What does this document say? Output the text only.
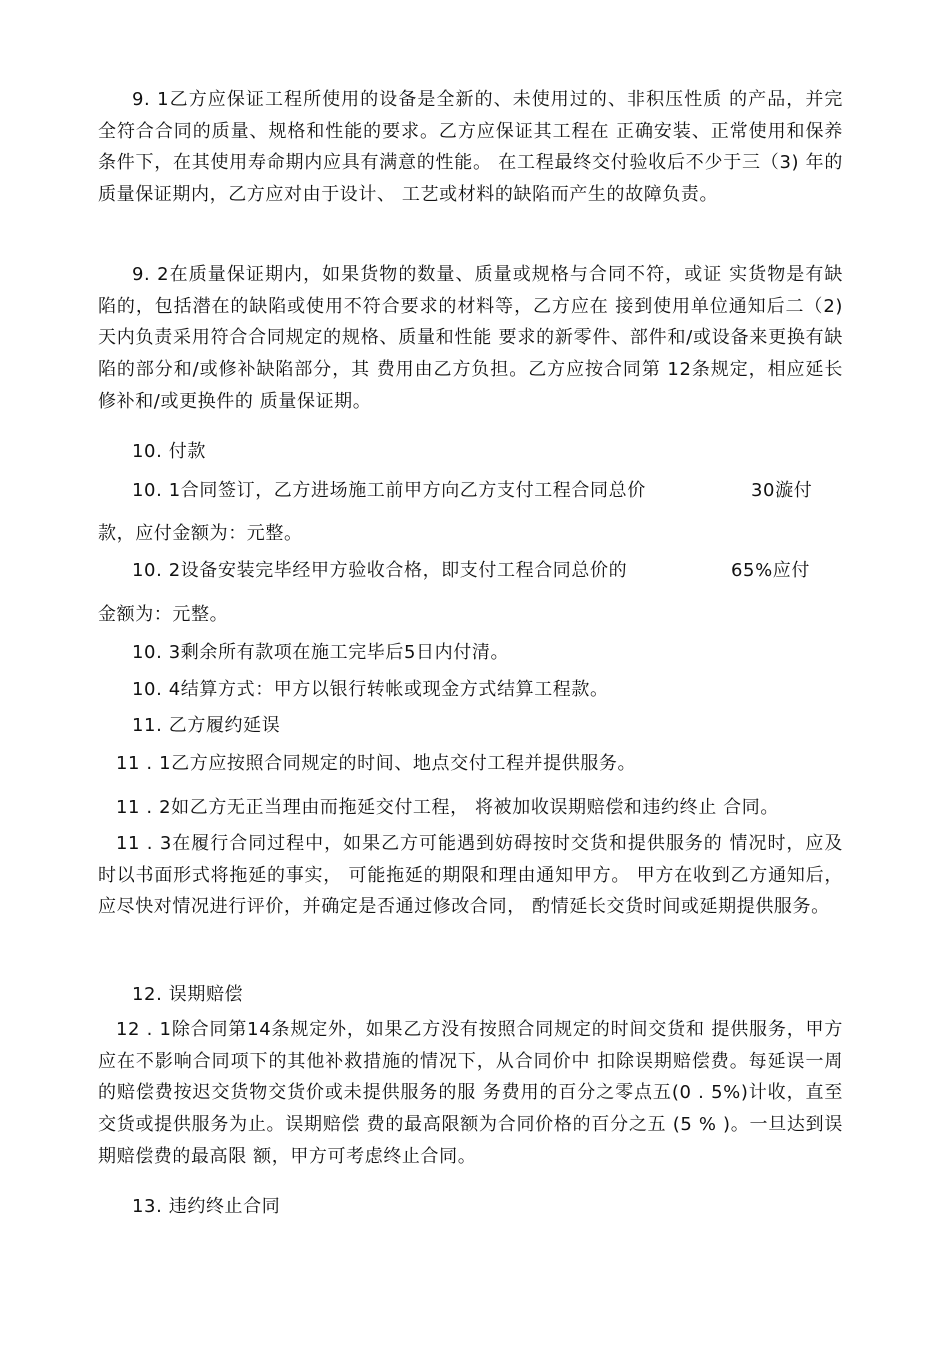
9. 1乙方应保证工程所使用的设备是全新的、未使用过的、非积压性质 的产品，并完全符合合同的质量、规格和性能的要求。乙方应保证其工程在 正确安装、正常使用和保养条件下，在其使用寿命期内应具有满意的性能。 在工程最终交付验收后不少于三（3) 年的质量保证期内，乙方应对由于设计、 工艺或材料的缺陷而产生的故障负责。

9. 2在质量保证期内，如果货物的数量、质量或规格与合同不符，或证 实货物是有缺陷的，包括潜在的缺陷或使用不符合要求的材料等，乙方应在 接到使用单位通知后二（2) 天内负责采用符合合同规定的规格、质量和性能 要求的新零件、部件和/或设备来更换有缺陷的部分和/或修补缺陷部分，其 费用由乙方负担。乙方应按合同第 12条规定，相应延长修补和/或更换件的 质量保证期。

10. 付款

10. 1合同签订，乙方进场施工前甲方向乙方支付工程合同总价	30漩付

款，应付金额为：元整。

10. 2设备安装完毕经甲方验收合格，即支付工程合同总价的	65%应付

金额为：元整。

10. 3剩余所有款项在施工完毕后5日内付清。

10. 4结算方式：甲方以银行转帐或现金方式结算工程款。

11. 乙方履约延误

11 . 1乙方应按照合同规定的时间、地点交付工程并提供服务。

11 . 2如乙方无正当理由而拖延交付工程， 将被加收误期赔偿和违约终止 合同。

11 . 3在履行合同过程中，如果乙方可能遇到妨碍按时交货和提供服务的 情况时，应及时以书面形式将拖延的事实， 可能拖延的期限和理由通知甲方。 甲方在收到乙方通知后，应尽快对情况进行评价，并确定是否通过修改合同， 酌情延长交货时间或延期提供服务。

12. 误期赔偿

12 . 1除合同第14条规定外，如果乙方没有按照合同规定的时间交货和 提供服务，甲方应在不影响合同项下的其他补救措施的情况下，从合同价中 扣除误期赔偿费。每延误一周的赔偿费按迟交货物交货价或未提供服务的服 务费用的百分之零点五(0 . 5%)计收，直至交货或提供服务为止。误期赔偿 费的最高限额为合同价格的百分之五 (5 % )。一旦达到误期赔偿费的最高限 额，甲方可考虑终止合同。

13. 违约终止合同
